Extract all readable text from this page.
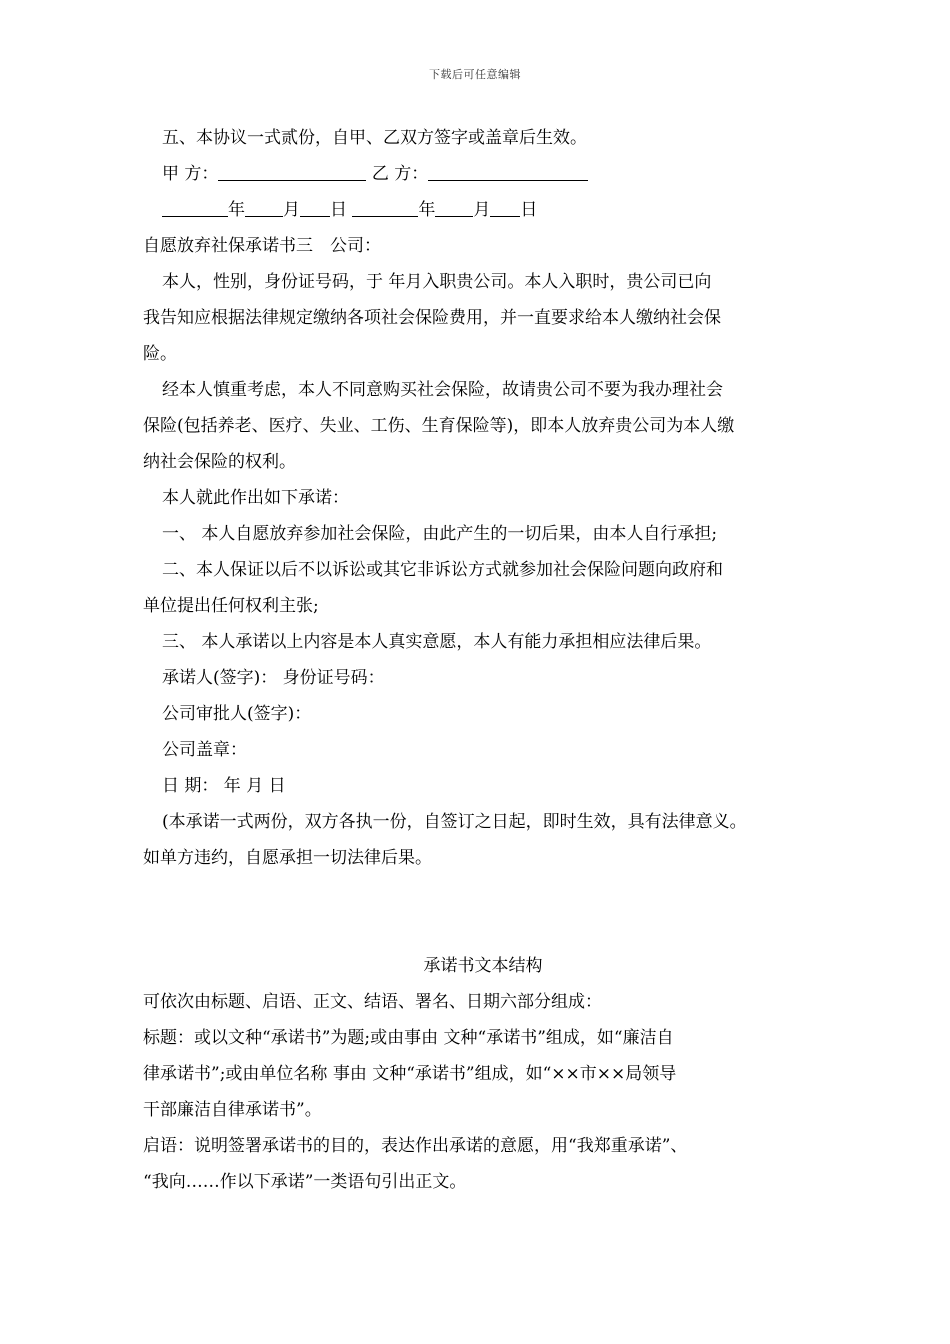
下载后可任意编辑

五、本协议一式贰份，自甲、乙双方签字或盖章后生效。

甲 方：	乙 方：

年 月 日	年 月 日

自愿放弃社保承诺书三　公司：

本人，性别，身份证号码，于 年月入职贵公司。本人入职时，贵公司已向

我告知应根据法律规定缴纳各项社会保险费用，并一直要求给本人缴纳社会保

险。

经本人慎重考虑，本人不同意购买社会保险，故请贵公司不要为我办理社会

保险(包括养老、医疗、失业、工伤、生育保险等)，即本人放弃贵公司为本人缴

纳社会保险的权利。

本人就此作出如下承诺：

一、 本人自愿放弃参加社会保险，由此产生的一切后果，由本人自行承担;

二、本人保证以后不以诉讼或其它非诉讼方式就参加社会保险问题向政府和

单位提出任何权利主张;

三、 本人承诺以上内容是本人真实意愿，本人有能力承担相应法律后果。

承诺人(签字)： 身份证号码：

公司审批人(签字)：

公司盖章：

日 期： 年 月 日

(本承诺一式两份，双方各执一份，自签订之日起，即时生效，具有法律意义。

如单方违约，自愿承担一切法律后果。

承诺书文本结构

可依次由标题、启语、正文、结语、署名、日期六部分组成：

标题：或以文种“承诺书”为题;或由事由 文种“承诺书”组成，如“廉洁自

律承诺书”;或由单位名称 事由 文种“承诺书”组成，如“××市××局领导

干部廉洁自律承诺书”。

启语：说明签署承诺书的目的，表达作出承诺的意愿，用“我郑重承诺”、

“我向……作以下承诺”一类语句引出正文。
